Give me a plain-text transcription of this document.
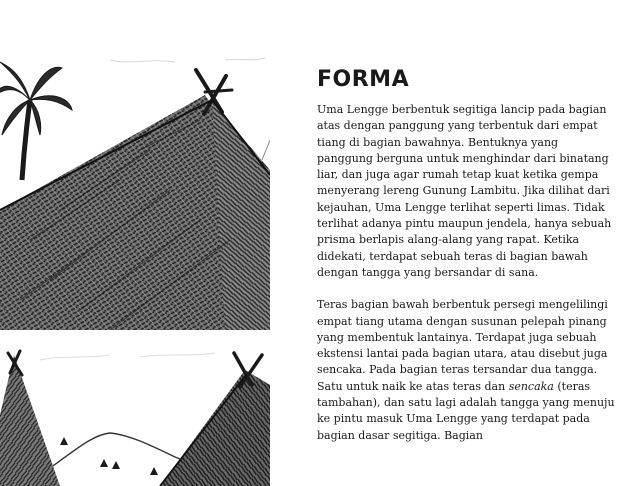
FORMA

Uma Lengge berbentuk segitiga lancip pada bagian atas dengan panggung yang terbentuk dari empat tiang di bagian bawahnya. Bentuknya yang panggung berguna untuk menghindar dari binatang liar, dan juga agar rumah tetap kuat ketika gempa menyerang lereng Gunung Lambitu. Jika dilihat dari kejauhan, Uma Lengge terlihat seperti limas. Tidak terlihat adanya pintu maupun jendela, hanya sebuah prisma berlapis alang-alang yang rapat. Ketika didekati, terdapat sebuah teras di bagian bawah dengan tangga yang bersandar di sana.

Teras bagian bawah berbentuk persegi mengelilingi empat tiang utama dengan susunan pelepah pinang yang membentuk lantainya. Terdapat juga sebuah ekstensi lantai pada bagian utara, atau disebut juga sencaka. Pada bagian teras tersandar dua tangga. Satu untuk naik ke atas teras dan sencaka (teras tambahan), dan satu lagi adalah tangga yang menuju ke pintu masuk Uma Lengge yang terdapat pada bagian dasar segitiga. Bagian
